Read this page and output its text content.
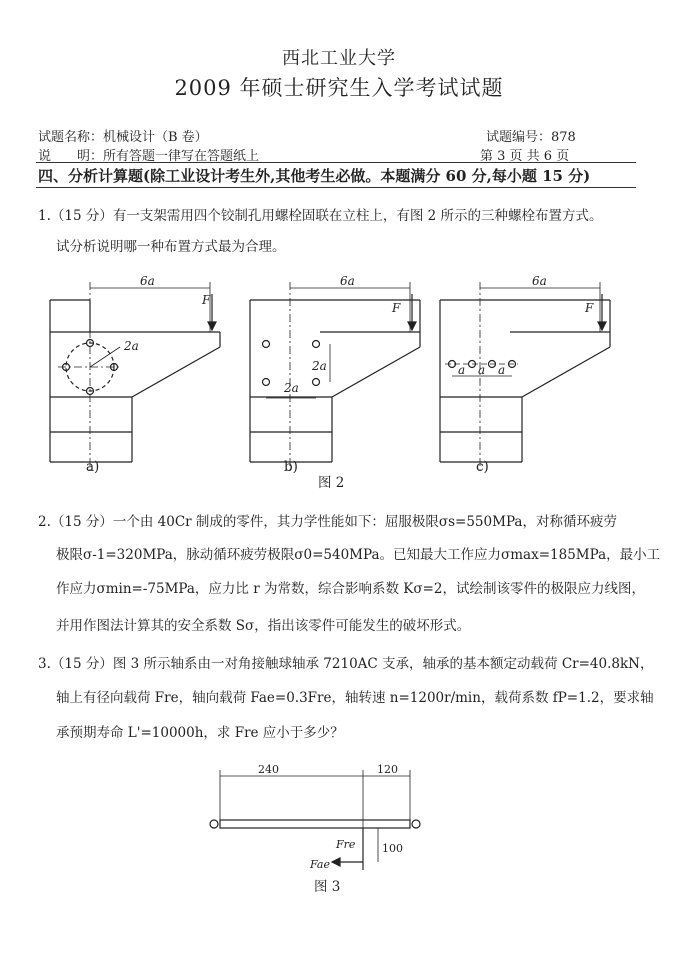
西北工业大学
2009 年硕士研究生入学考试试题
试题名称：机械设计（B 卷）	试题编号：878
说　　明：所有答题一律写在答题纸上	第 3 页 共 6 页
四、分析计算题(除工业设计考生外,其他考生必做。本题满分 60 分,每小题 15 分)
1.（15 分）有一支架需用四个铰制孔用螺栓固联在立柱上，有图 2 所示的三种螺栓布置方式。
试分析说明哪一种布置方式最为合理。
6a
F
2a
6a
F
2a
2a
6a
F
a a a
a)	b)	c)
图 2
2.（15 分）一个由 40Cr 制成的零件，其力学性能如下：屈服极限σs=550MPa，对称循环疲劳
极限σ-1=320MPa，脉动循环疲劳极限σ0=540MPa。已知最大工作应力σmax=185MPa，最小工
作应力σmin=-75MPa，应力比 r 为常数，综合影响系数 Kσ=2，试绘制该零件的极限应力线图，
并用作图法计算其的安全系数 Sσ，指出该零件可能发生的破坏形式。
3.（15 分）图 3 所示轴系由一对角接触球轴承 7210AC 支承，轴承的基本额定动载荷 Cr=40.8kN，
轴上有径向载荷 Fre，轴向载荷 Fae=0.3Fre，轴转速 n=1200r/min，载荷系数 fP=1.2，要求轴
承预期寿命 L'=10000h，求 Fre 应小于多少？
240	120
100
Fre
Fae
图 3
